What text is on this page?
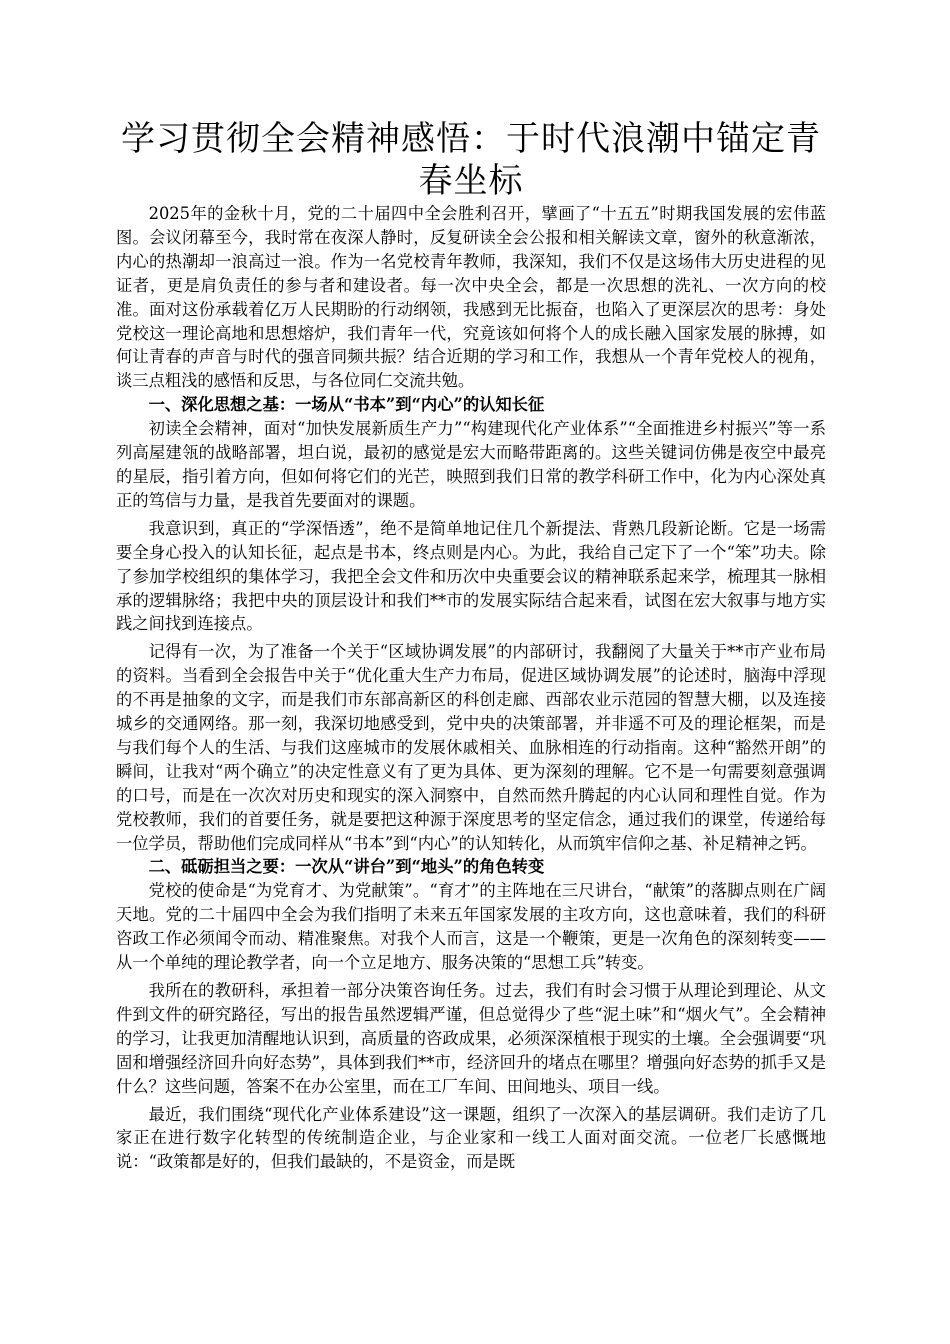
学习贯彻全会精神感悟：于时代浪潮中锚定青春坐标

2025年的金秋十月，党的二十届四中全会胜利召开，擘画了“十五五”时期我国发展的宏伟蓝图。会议闭幕至今，我时常在夜深人静时，反复研读全会公报和相关解读文章，窗外的秋意渐浓，内心的热潮却一浪高过一浪。作为一名党校青年教师，我深知，我们不仅是这场伟大历史进程的见证者，更是肩负责任的参与者和建设者。每一次中央全会，都是一次思想的洗礼、一次方向的校准。面对这份承载着亿万人民期盼的行动纲领，我感到无比振奋，也陷入了更深层次的思考：身处党校这一理论高地和思想熔炉，我们青年一代，究竟该如何将个人的成长融入国家发展的脉搏，如何让青春的声音与时代的强音同频共振？结合近期的学习和工作，我想从一个青年党校人的视角，谈三点粗浅的感悟和反思，与各位同仁交流共勉。

一、深化思想之基：一场从“书本”到“内心”的认知长征

初读全会精神，面对“加快发展新质生产力”“构建现代化产业体系”“全面推进乡村振兴”等一系列高屋建瓴的战略部署，坦白说，最初的感觉是宏大而略带距离的。这些关键词仿佛是夜空中最亮的星辰，指引着方向，但如何将它们的光芒，映照到我们日常的教学科研工作中，化为内心深处真正的笃信与力量，是我首先要面对的课题。

我意识到，真正的“学深悟透”，绝不是简单地记住几个新提法、背熟几段新论断。它是一场需要全身心投入的认知长征，起点是书本，终点则是内心。为此，我给自己定下了一个“笨”功夫。除了参加学校组织的集体学习，我把全会文件和历次中央重要会议的精神联系起来学，梳理其一脉相承的逻辑脉络；我把中央的顶层设计和我们**市的发展实际结合起来看，试图在宏大叙事与地方实践之间找到连接点。

记得有一次，为了准备一个关于“区域协调发展”的内部研讨，我翻阅了大量关于**市产业布局的资料。当看到全会报告中关于“优化重大生产力布局，促进区域协调发展”的论述时，脑海中浮现的不再是抽象的文字，而是我们市东部高新区的科创走廊、西部农业示范园的智慧大棚，以及连接城乡的交通网络。那一刻，我深切地感受到，党中央的决策部署，并非遥不可及的理论框架，而是与我们每个人的生活、与我们这座城市的发展休戚相关、血脉相连的行动指南。这种“豁然开朗”的瞬间，让我对“两个确立”的决定性意义有了更为具体、更为深刻的理解。它不是一句需要刻意强调的口号，而是在一次次对历史和现实的深入洞察中，自然而然升腾起的内心认同和理性自觉。作为党校教师，我们的首要任务，就是要把这种源于深度思考的坚定信念，通过我们的课堂，传递给每一位学员，帮助他们完成同样从“书本”到“内心”的认知转化，从而筑牢信仰之基、补足精神之钙。

二、砥砺担当之要：一次从“讲台”到“地头”的角色转变

党校的使命是“为党育才、为党献策”。“育才”的主阵地在三尺讲台，“献策”的落脚点则在广阔天地。党的二十届四中全会为我们指明了未来五年国家发展的主攻方向，这也意味着，我们的科研咨政工作必须闻令而动、精准聚焦。对我个人而言，这是一个鞭策，更是一次角色的深刻转变——从一个单纯的理论教学者，向一个立足地方、服务决策的“思想工兵”转变。

我所在的教研科，承担着一部分决策咨询任务。过去，我们有时会习惯于从理论到理论、从文件到文件的研究路径，写出的报告虽然逻辑严谨，但总觉得少了些“泥土味”和“烟火气”。全会精神的学习，让我更加清醒地认识到，高质量的咨政成果，必须深深植根于现实的土壤。全会强调要“巩固和增强经济回升向好态势”，具体到我们**市，经济回升的堵点在哪里？增强向好态势的抓手又是什么？这些问题，答案不在办公室里，而在工厂车间、田间地头、项目一线。

最近，我们围绕“现代化产业体系建设”这一课题，组织了一次深入的基层调研。我们走访了几家正在进行数字化转型的传统制造企业，与企业家和一线工人面对面交流。一位老厂长感慨地说：“政策都是好的，但我们最缺的，不是资金，而是既
